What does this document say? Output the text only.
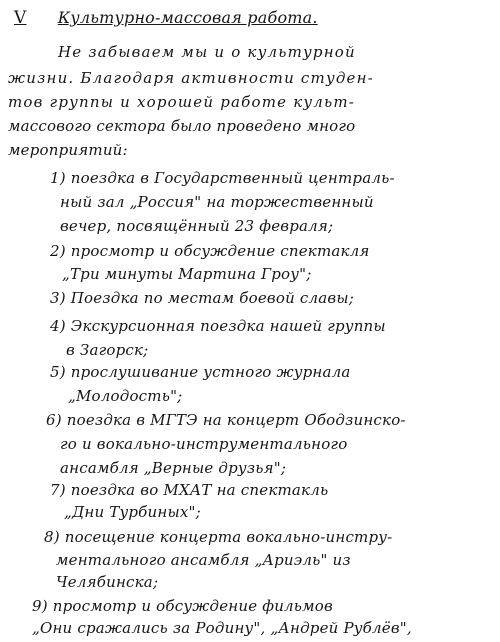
V Культурно-массовая работа.
Не забываем мы и о культурной
жизни. Благодаря активности студен-
тов группы и хорошей работе культ-
массового сектора было проведено много
мероприятий:
1) поездка в Государственный централь-
ный зал „Россия" на торжественный
вечер, посвящённый 23 февраля;
2) просмотр и обсуждение спектакля
„Три минуты Мартина Гроу";
3) Поездка по местам боевой славы;
4) Экскурсионная поездка нашей группы
в Загорск;
5) прослушивание устного журнала
„Молодость";
6) поездка в МГТЭ на концерт Ободзинско-
го и вокально-инструментального
ансамбля „Верные друзья";
7) поездка во МХАТ на спектакль
„Дни Турбиных";
8) посещение концерта вокально-инстру-
ментального ансамбля „Ариэль" из
Челябинска;
9) просмотр и обсуждение фильмов
„Они сражались за Родину", „Андрей Рублёв",
